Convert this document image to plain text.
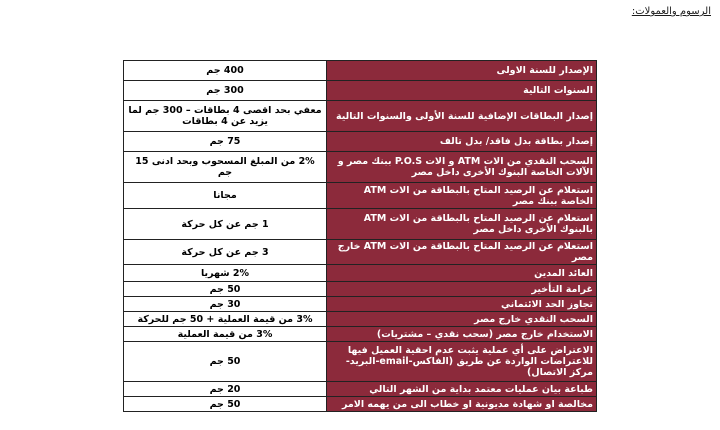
الرسوم والعمولات:
الإصدار للسنة الاولى	400 جم
السنوات التالية	300 جم
إصدار البطاقات الإضافية للسنة الأولى والسنوات التالية	معفي بحد اقصى 4 بطاقات – 300 جم لما يزيد عن 4 بطاقات
إصدار بطاقة بدل فاقد/ بدل تالف	75 جم
السحب النقدي من الات ATM و الات P.O.S ببنك مصر و الآلات الخاصة البنوك الأخرى داخل مصر	2% من المبلغ المسحوب وبحد ادنى 15 جم
استعلام عن الرصيد المتاح بالبطاقة من الات ATM الخاصة ببنك مصر	مجانا
استعلام عن الرصيد المتاح بالبطاقة من الات ATM بالبنوك الأخرى داخل مصر	1 جم عن كل حركة
استعلام عن الرصيد المتاح بالبطاقة من الات ATM خارج مصر	3 جم عن كل حركة
العائد المدين	2% شهريا
غرامة التأخير	50 جم
تجاوز الحد الائتماني	30 جم
السحب النقدي خارج مصر	3% من قيمة العملية + 50 جم للحركة
الاستخدام خارج مصر (سحب نقدي – مشتريات)	3% من قيمة العملية
الاعتراض على أي عملية يثبت عدم احقية العميل فيها للاعتراضات الواردة عن طريق (الفاكس-email-البريد-مركز الاتصال)	50 جم
طباعة بيان عمليات معتمد بداية من الشهر التالي	20 جم
مخالصة او شهادة مديونية او خطاب الى من يهمه الامر	50 جم
